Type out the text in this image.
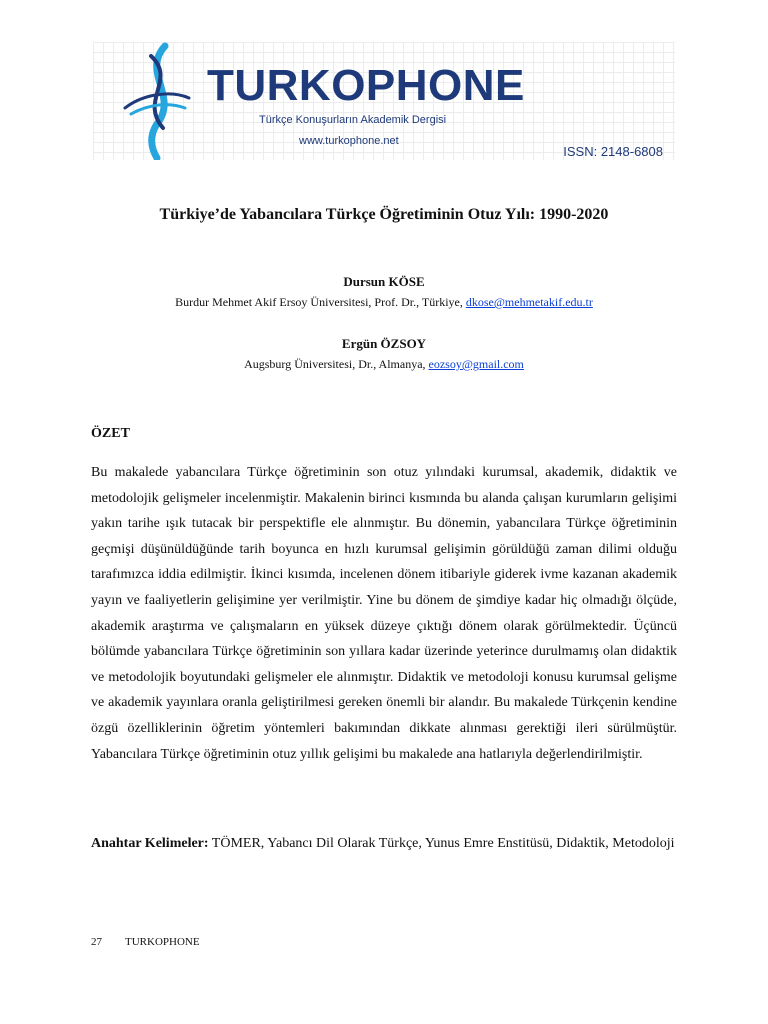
TURKOPHONE
Türkçe Konuşurların Akademik Dergisi
www.turkophone.net
ISSN: 2148-6808
Türkiye’de Yabancılara Türkçe Öğretiminin Otuz Yılı: 1990-2020

Dursun KÖSE

Burdur Mehmet Akif Ersoy Üniversitesi, Prof. Dr., Türkiye, dkose@mehmetakif.edu.tr

Ergün ÖZSOY

Augsburg Üniversitesi, Dr., Almanya, eozsoy@gmail.com

ÖZET

Bu makalede yabancılara Türkçe öğretiminin son otuz yılındaki kurumsal, akademik, didaktik ve metodolojik gelişmeler incelenmiştir. Makalenin birinci kısmında bu alanda çalışan kurumların gelişimi yakın tarihe ışık tutacak bir perspektifle ele alınmıştır. Bu dönemin, yabancılara Türkçe öğretiminin geçmişi düşünüldüğünde tarih boyunca en hızlı kurumsal gelişimin görüldüğü zaman dilimi olduğu tarafımızca iddia edilmiştir. İkinci kısımda, incelenen dönem itibariyle giderek ivme kazanan akademik yayın ve faaliyetlerin gelişimine yer verilmiştir. Yine bu dönem de şimdiye kadar hiç olmadığı ölçüde, akademik araştırma ve çalışmaların en yüksek düzeye çıktığı dönem olarak görülmektedir. Üçüncü bölümde yabancılara Türkçe öğretiminin son yıllara kadar üzerinde yeterince durulmamış olan didaktik ve metodolojik boyutundaki gelişmeler ele alınmıştır. Didaktik ve metodoloji konusu kurumsal gelişme ve akademik yayınlara oranla geliştirilmesi gereken önemli bir alandır. Bu makalede Türkçenin kendine özgü özelliklerinin öğretim yöntemleri bakımından dikkate alınması gerektiği ileri sürülmüştür. Yabancılara Türkçe öğretiminin otuz yıllık gelişimi bu makalede ana hatlarıyla değerlendirilmiştir.

Anahtar Kelimeler: TÖMER, Yabancı Dil Olarak Türkçe, Yunus Emre Enstitüsü, Didaktik, Metodoloji

27 TURKOPHONE
